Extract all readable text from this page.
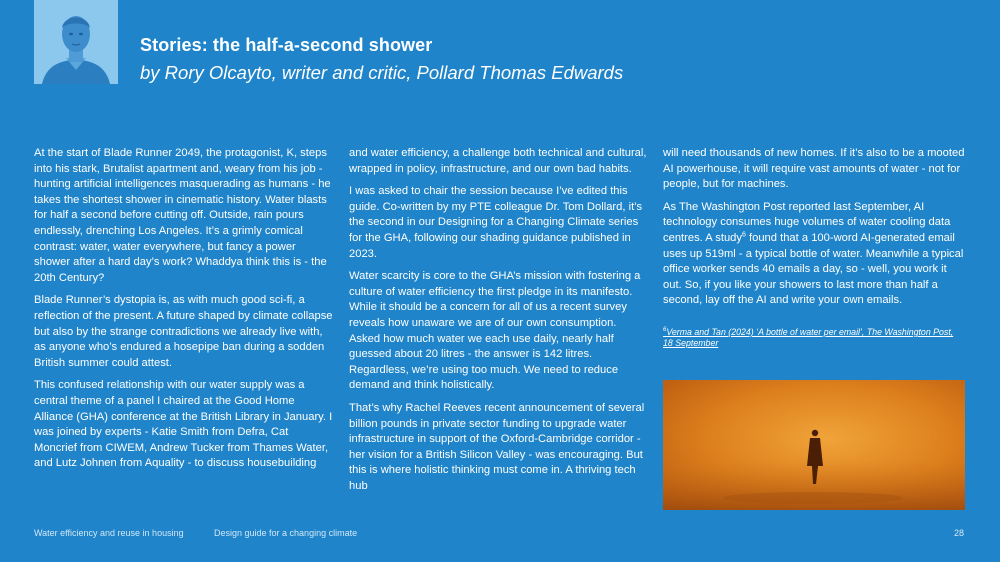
Stories: the half-a-second shower
by Rory Olcayto, writer and critic, Pollard Thomas Edwards

At the start of Blade Runner 2049, the protagonist, K, steps into his stark, Brutalist apartment and, weary from his job - hunting artificial intelligences masquerading as humans - he takes the shortest shower in cinematic history. Water blasts for half a second before cutting off. Outside, rain pours endlessly, drenching Los Angeles. It’s a grimly comical contrast: water, water everywhere, but fancy a power shower after a hard day’s work? Whaddya think this is - the 20th Century?

Blade Runner’s dystopia is, as with much good sci-fi, a reflection of the present. A future shaped by climate collapse but also by the strange contradictions we already live with, as anyone who’s endured a hosepipe ban during a sodden British summer could attest.

This confused relationship with our water supply was a central theme of a panel I chaired at the Good Home Alliance (GHA) conference at the British Library in January. I was joined by experts - Katie Smith from Defra, Cat Moncrief from CIWEM, Andrew Tucker from Thames Water, and Lutz Johnen from Aquality - to discuss housebuilding

and water efficiency, a challenge both technical and cultural, wrapped in policy, infrastructure, and our own bad habits.

I was asked to chair the session because I’ve edited this guide. Co-written by my PTE colleague Dr. Tom Dollard, it’s the second in our Designing for a Changing Climate series for the GHA, following our shading guidance published in 2023.

Water scarcity is core to the GHA’s mission with fostering a culture of water efficiency the first pledge in its manifesto. While it should be a concern for all of us a recent survey reveals how unaware we are of our own consumption. Asked how much water we each use daily, nearly half guessed about 20 litres - the answer is 142 litres. Regardless, we’re using too much. We need to reduce demand and think holistically.

That’s why Rachel Reeves recent announcement of several billion pounds in private sector funding to upgrade water infrastructure in support of the Oxford-Cambridge corridor - her vision for a British Silicon Valley - was encouraging. But this is where holistic thinking must come in. A thriving tech hub

will need thousands of new homes. If it’s also to be a mooted AI powerhouse, it will require vast amounts of water - not for people, but for machines.

As The Washington Post reported last September, AI technology consumes huge volumes of water cooling data centres. A study$^6$ found that a 100-word AI-generated email uses up 519ml - a typical bottle of water. Meanwhile a typical office worker sends 40 emails a day, so - well, you work it out. So, if you like your showers to last more than half a second, lay off the AI and write your own emails.

$^6$Verma and Tan (2024) ‘A bottle of water per email’, The Washington Post, 18 September
Water efficiency and reuse in housing	Design guide for a changing climate	28
